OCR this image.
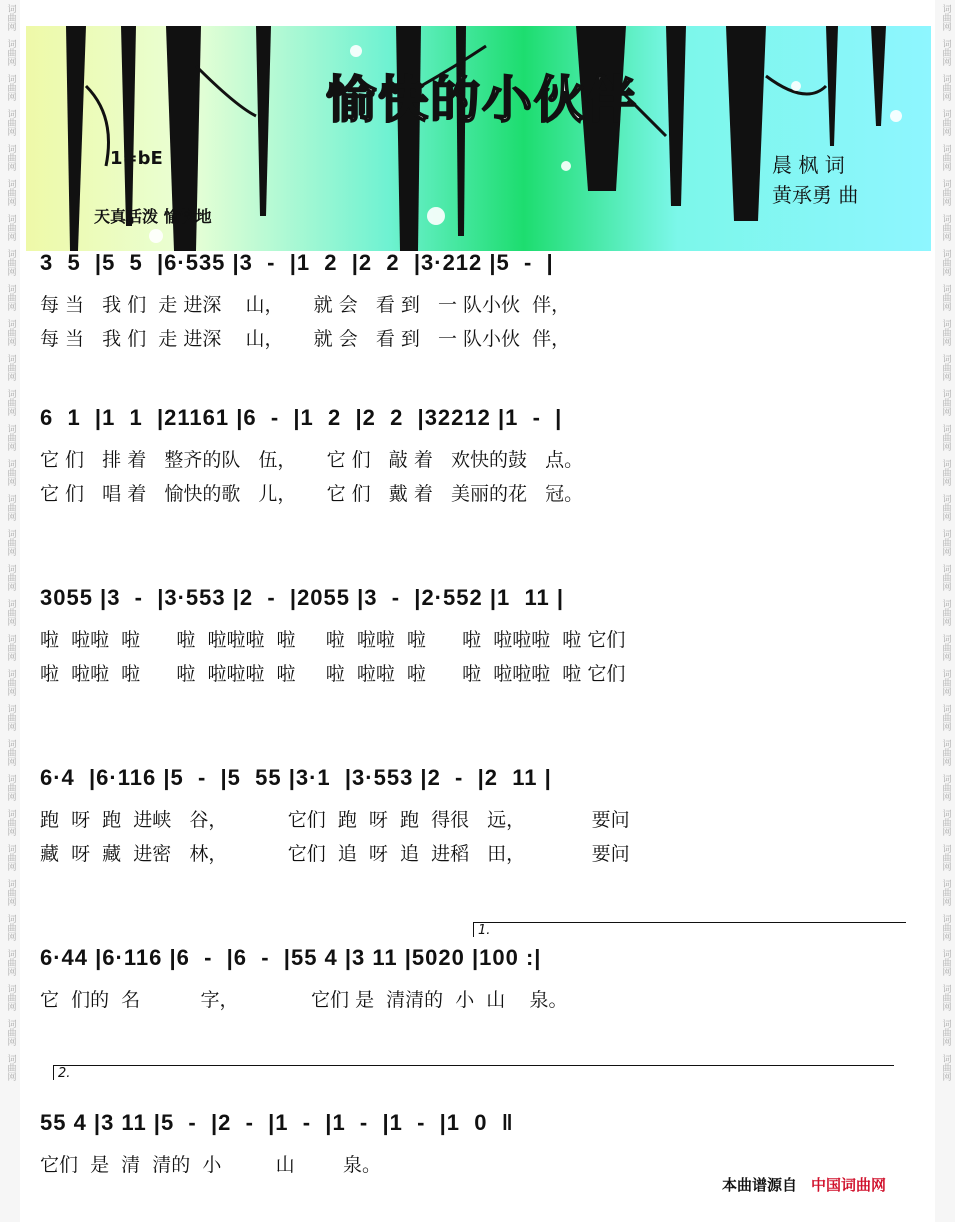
词曲网
词曲网
词曲网
词曲网
词曲网
词曲网
词曲网
词曲网
词曲网
词曲网
词曲网
词曲网
词曲网
词曲网
词曲网
词曲网
词曲网
词曲网
词曲网
词曲网
词曲网
词曲网
词曲网
词曲网
词曲网
词曲网
词曲网
词曲网
词曲网
词曲网
词曲网
词曲网
词曲网
词曲网
词曲网
词曲网
词曲网
词曲网
词曲网
词曲网
词曲网
词曲网
词曲网
词曲网
词曲网
词曲网
词曲网
词曲网
词曲网
词曲网
词曲网
词曲网
词曲网
词曲网
词曲网
词曲网
词曲网
词曲网
词曲网
词曲网
词曲网
词曲网
愉快的小伙伴
1=bE
天真活泼 愉快地
晨 枫 词
黄承勇 曲
3  5  |5  5  |6·535 |3  -  |1  2  |2  2  |3·212 |5  -  |
每 当   我 们  走 进深    山，     就 会   看 到   一 队小伙  伴，
每 当   我 们  走 进深    山，     就 会   看 到   一 队小伙  伴，
6  1  |1  1  |21161 |6  -  |1  2  |2  2  |32212 |1  -  |
它 们   排 着   整齐的队   伍，     它 们   敲 着   欢快的鼓   点。
它 们   唱 着   愉快的歌   儿，     它 们   戴 着   美丽的花   冠。
3055 |3  -  |3·553 |2  -  |2055 |3  -  |2·552 |1  11 |
啦  啦啦  啦      啦  啦啦啦  啦     啦  啦啦  啦      啦  啦啦啦  啦 它们
啦  啦啦  啦      啦  啦啦啦  啦     啦  啦啦  啦      啦  啦啦啦  啦 它们
6·4  |6·116 |5  -  |5  55 |3·1  |3·553 |2  -  |2  11 |
跑  呀  跑  进峡   谷，          它们  跑  呀  跑  得很   远，           要问
藏  呀  藏  进密   林，          它们  追  呀  追  进稻   田，           要问
1.
6·44 |6·116 |6  -  |6  -  |55 4 |3 11 |5020 |100 :|
它  们的  名          字，            它们 是  清清的  小  山    泉。
2.
55 4 |3 11 |5  -  |2  -  |1  -  |1  -  |1  -  |1  0  ‖
它们  是  清  清的  小         山        泉。
本曲谱源自 中国词曲网
